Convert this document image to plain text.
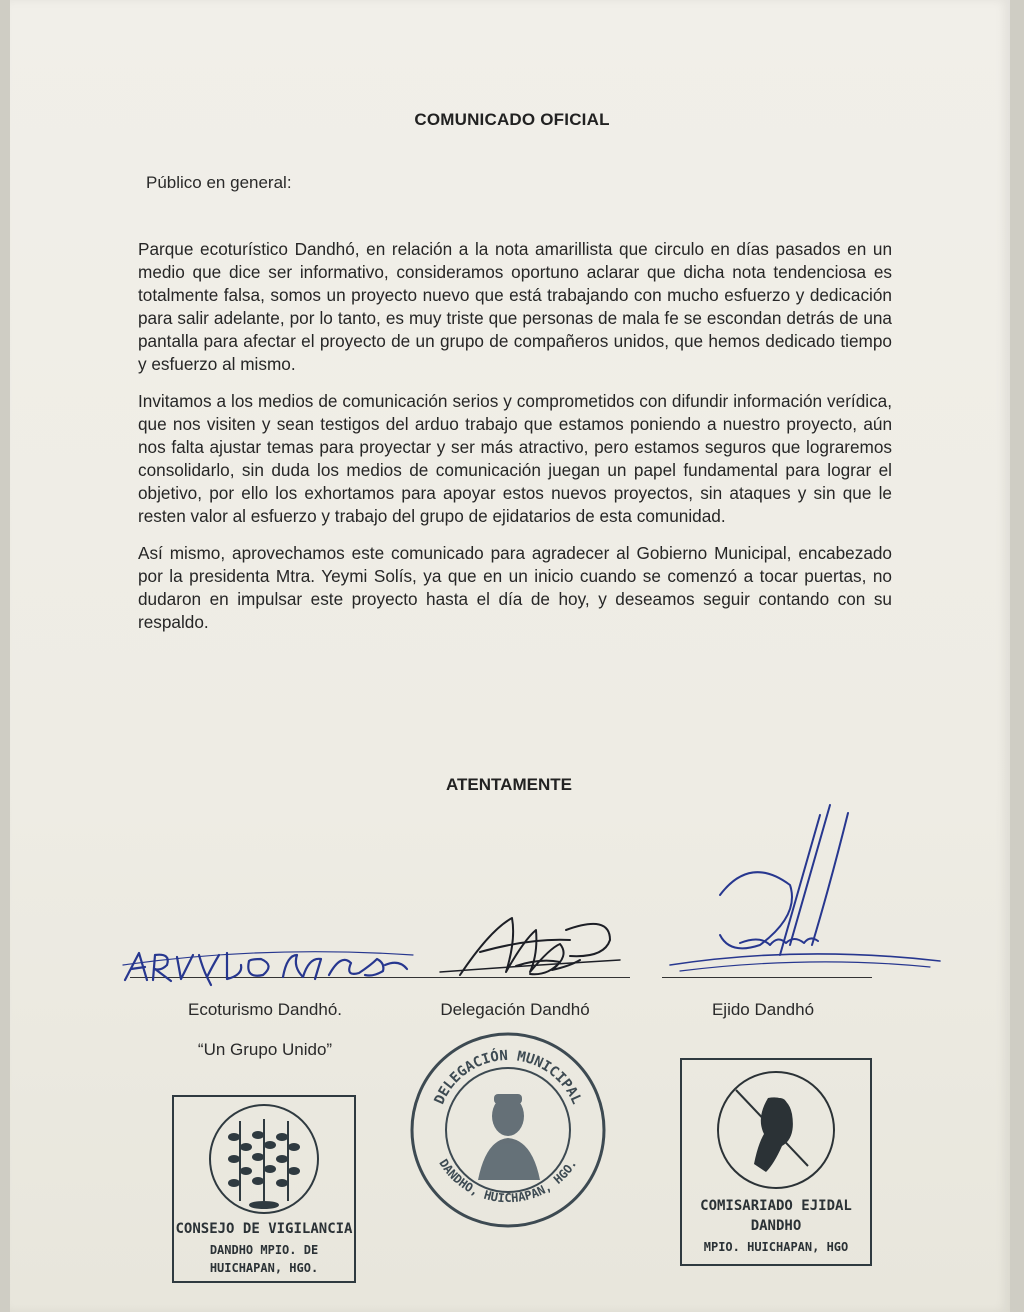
COMUNICADO OFICIAL
Público en general:

Parque ecoturístico Dandhó, en relación a la nota amarillista que circulo en días pasados en un medio que dice ser informativo, consideramos oportuno aclarar que dicha nota tendenciosa es totalmente falsa, somos un proyecto nuevo que está trabajando con mucho esfuerzo y dedicación para salir adelante, por lo tanto, es muy triste que personas de mala fe se escondan detrás de una pantalla para afectar el proyecto de un grupo de compañeros unidos, que hemos dedicado tiempo y esfuerzo al mismo.

Invitamos a los medios de comunicación serios y comprometidos con difundir información verídica, que nos visiten y sean testigos del arduo trabajo que estamos poniendo a nuestro proyecto, aún nos falta ajustar temas para proyectar y ser más atractivo, pero estamos seguros que lograremos consolidarlo, sin duda los medios de comunicación juegan un papel fundamental para lograr el objetivo, por ello los exhortamos para apoyar estos nuevos proyectos, sin ataques y sin que le resten valor al esfuerzo y trabajo del grupo de ejidatarios de esta comunidad.

Así mismo, aprovechamos este comunicado para agradecer al Gobierno Municipal, encabezado por la presidenta Mtra. Yeymi Solís, ya que en un inicio cuando se comenzó a tocar puertas, no dudaron en impulsar este proyecto hasta el día de hoy, y deseamos seguir contando con su respaldo.

ATENTAMENTE
Ecoturismo Dandhó.
“Un Grupo Unido”
Delegación Dandhó	Ejido Dandhó
CONSEJO DE VIGILANCIA
DANDHO MPIO. DE
HUICHAPAN, HGO.
DELEGACIÓN MUNICIPAL
DANDHO, HUICHAPAN, HGO.
COMISARIADO EJIDAL
DANDHO
MPIO. HUICHAPAN, HGO
